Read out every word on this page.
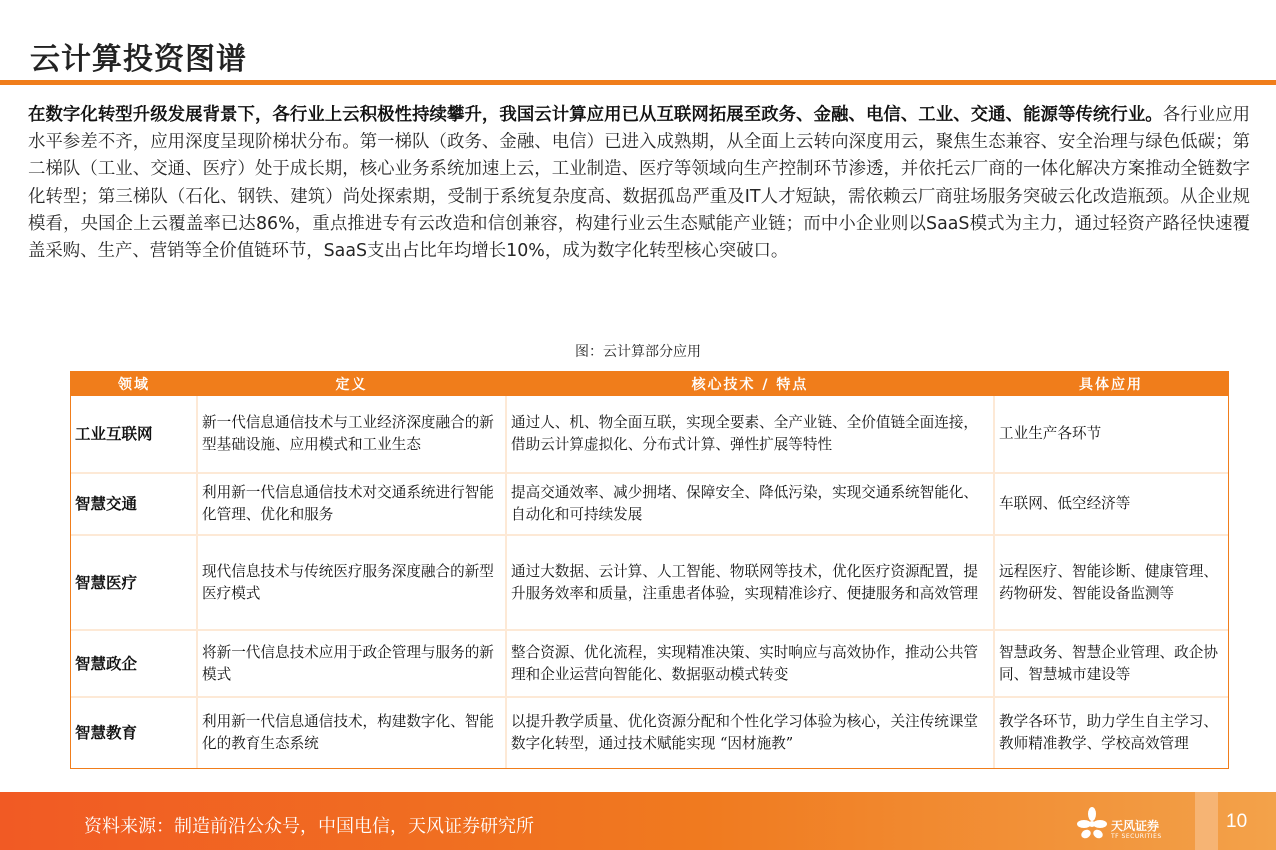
云计算投资图谱
在数字化转型升级发展背景下，各行业上云积极性持续攀升，我国云计算应用已从互联网拓展至政务、金融、电信、工业、交通、能源等传统行业。各行业应用水平参差不齐，应用深度呈现阶梯状分布。第一梯队（政务、金融、电信）已进入成熟期，从全面上云转向深度用云，聚焦生态兼容、安全治理与绿色低碳；第二梯队（工业、交通、医疗）处于成长期，核心业务系统加速上云，工业制造、医疗等领域向生产控制环节渗透，并依托云厂商的一体化解决方案推动全链数字化转型；第三梯队（石化、钢铁、建筑）尚处探索期，受制于系统复杂度高、数据孤岛严重及IT人才短缺，需依赖云厂商驻场服务突破云化改造瓶颈。从企业规模看，央国企上云覆盖率已达86%，重点推进专有云改造和信创兼容，构建行业云生态赋能产业链；而中小企业则以SaaS模式为主力，通过轻资产路径快速覆盖采购、生产、营销等全价值链环节，SaaS支出占比年均增长10%，成为数字化转型核心突破口。
图：云计算部分应用
领域	定义	核心技术 / 特点	具体应用
工业互联网	新一代信息通信技术与工业经济深度融合的新型基础设施、应用模式和工业生态	通过人、机、物全面互联，实现全要素、全产业链、全价值链全面连接，借助云计算虚拟化、分布式计算、弹性扩展等特性	工业生产各环节
智慧交通	利用新一代信息通信技术对交通系统进行智能化管理、优化和服务	提高交通效率、减少拥堵、保障安全、降低污染，实现交通系统智能化、自动化和可持续发展	车联网、低空经济等
智慧医疗	现代信息技术与传统医疗服务深度融合的新型医疗模式	通过大数据、云计算、人工智能、物联网等技术，优化医疗资源配置，提升服务效率和质量，注重患者体验，实现精准诊疗、便捷服务和高效管理	远程医疗、智能诊断、健康管理、药物研发、智能设备监测等
智慧政企	将新一代信息技术应用于政企管理与服务的新模式	整合资源、优化流程，实现精准决策、实时响应与高效协作，推动公共管理和企业运营向智能化、数据驱动模式转变	智慧政务、智慧企业管理、政企协同、智慧城市建设等
智慧教育	利用新一代信息通信技术，构建数字化、智能化的教育生态系统	以提升教学质量、优化资源分配和个性化学习体验为核心，关注传统课堂数字化转型，通过技术赋能实现 “因材施教”	教学各环节，助力学生自主学习、教师精准教学、学校高效管理
资料来源：制造前沿公众号，中国电信，天风证券研究所	天风证券
TF SECURITIES
10
